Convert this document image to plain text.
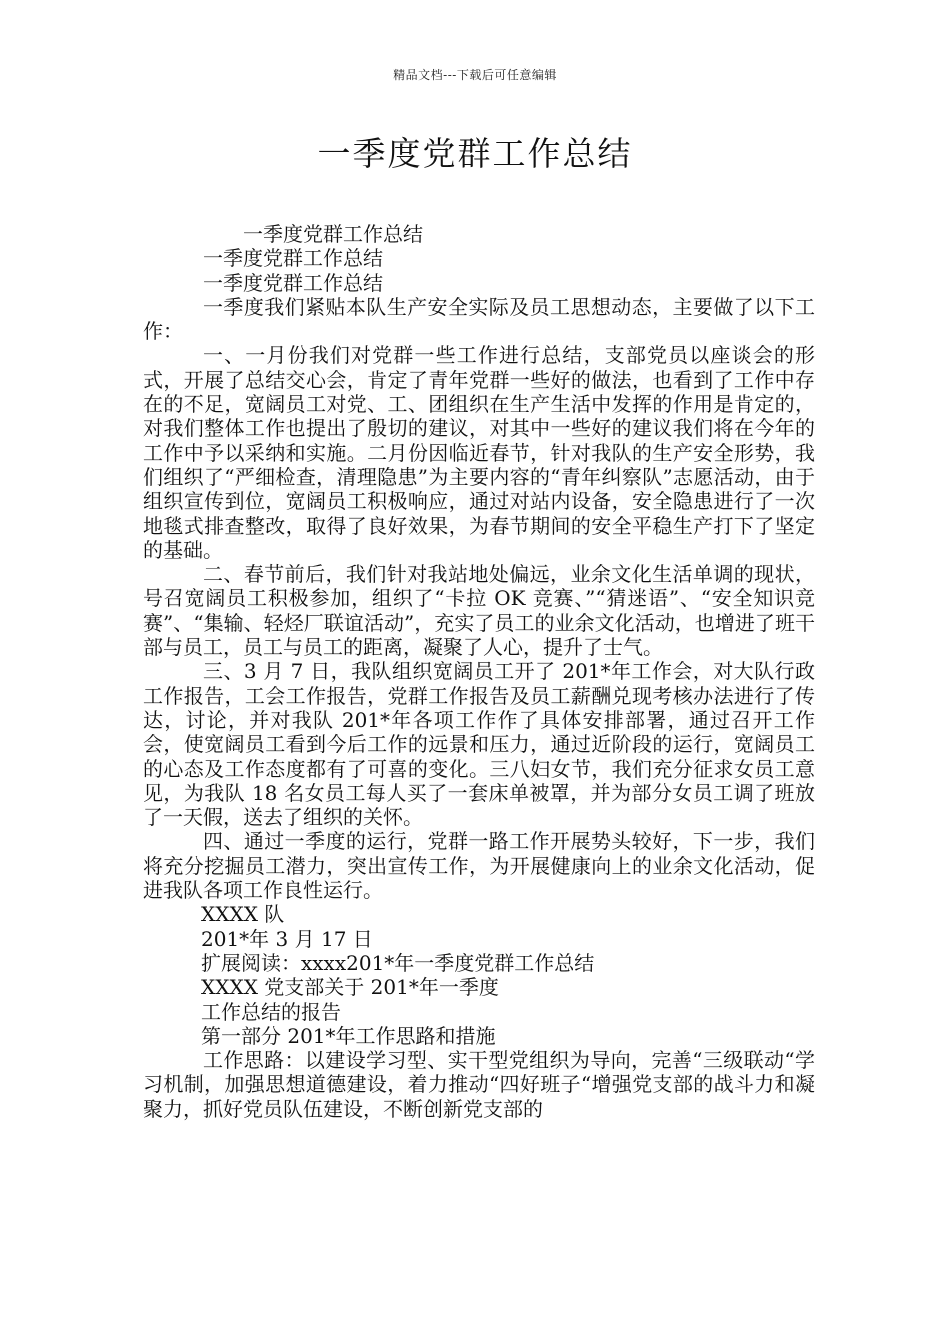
精品文档---下载后可任意编辑
一季度党群工作总结

一季度党群工作总结

一季度党群工作总结

一季度党群工作总结

一季度我们紧贴本队生产安全实际及员工思想动态，主要做了以下工作：

一、一月份我们对党群一些工作进行总结，支部党员以座谈会的形式，开展了总结交心会，肯定了青年党群一些好的做法，也看到了工作中存在的不足，宽阔员工对党、工、团组织在生产生活中发挥的作用是肯定的，对我们整体工作也提出了殷切的建议，对其中一些好的建议我们将在今年的工作中予以采纳和实施。二月份因临近春节，针对我队的生产安全形势，我们组织了“严细检查，清理隐患”为主要内容的“青年纠察队”志愿活动，由于组织宣传到位，宽阔员工积极响应，通过对站内设备，安全隐患进行了一次地毯式排查整改，取得了良好效果，为春节期间的安全平稳生产打下了坚定的基础。

二、春节前后，我们针对我站地处偏远，业余文化生活单调的现状，号召宽阔员工积极参加，组织了“卡拉 OK 竞赛、”“猜迷语”、“安全知识竞赛”、“集输、轻烃厂联谊活动”，充实了员工的业余文化活动，也增进了班干部与员工，员工与员工的距离，凝聚了人心，提升了士气。

三、3 月 7 日，我队组织宽阔员工开了 201*年工作会，对大队行政工作报告，工会工作报告，党群工作报告及员工薪酬兑现考核办法进行了传达，讨论，并对我队 201*年各项工作作了具体安排部署，通过召开工作会，使宽阔员工看到今后工作的远景和压力，通过近阶段的运行，宽阔员工的心态及工作态度都有了可喜的变化。三八妇女节，我们充分征求女员工意见，为我队 18 名女员工每人买了一套床单被罩，并为部分女员工调了班放了一天假，送去了组织的关怀。

四、通过一季度的运行，党群一路工作开展势头较好，下一步，我们将充分挖掘员工潜力，突出宣传工作，为开展健康向上的业余文化活动，促进我队各项工作良性运行。

XXXX 队

201*年 3 月 17 日

扩展阅读：xxxx201*年一季度党群工作总结

XXXX 党支部关于 201*年一季度

工作总结的报告

第一部分 201*年工作思路和措施

工作思路：以建设学习型、实干型党组织为导向，完善“三级联动“学习机制，加强思想道德建设，着力推动“四好班子“增强党支部的战斗力和凝聚力，抓好党员队伍建设，不断创新党支部的
